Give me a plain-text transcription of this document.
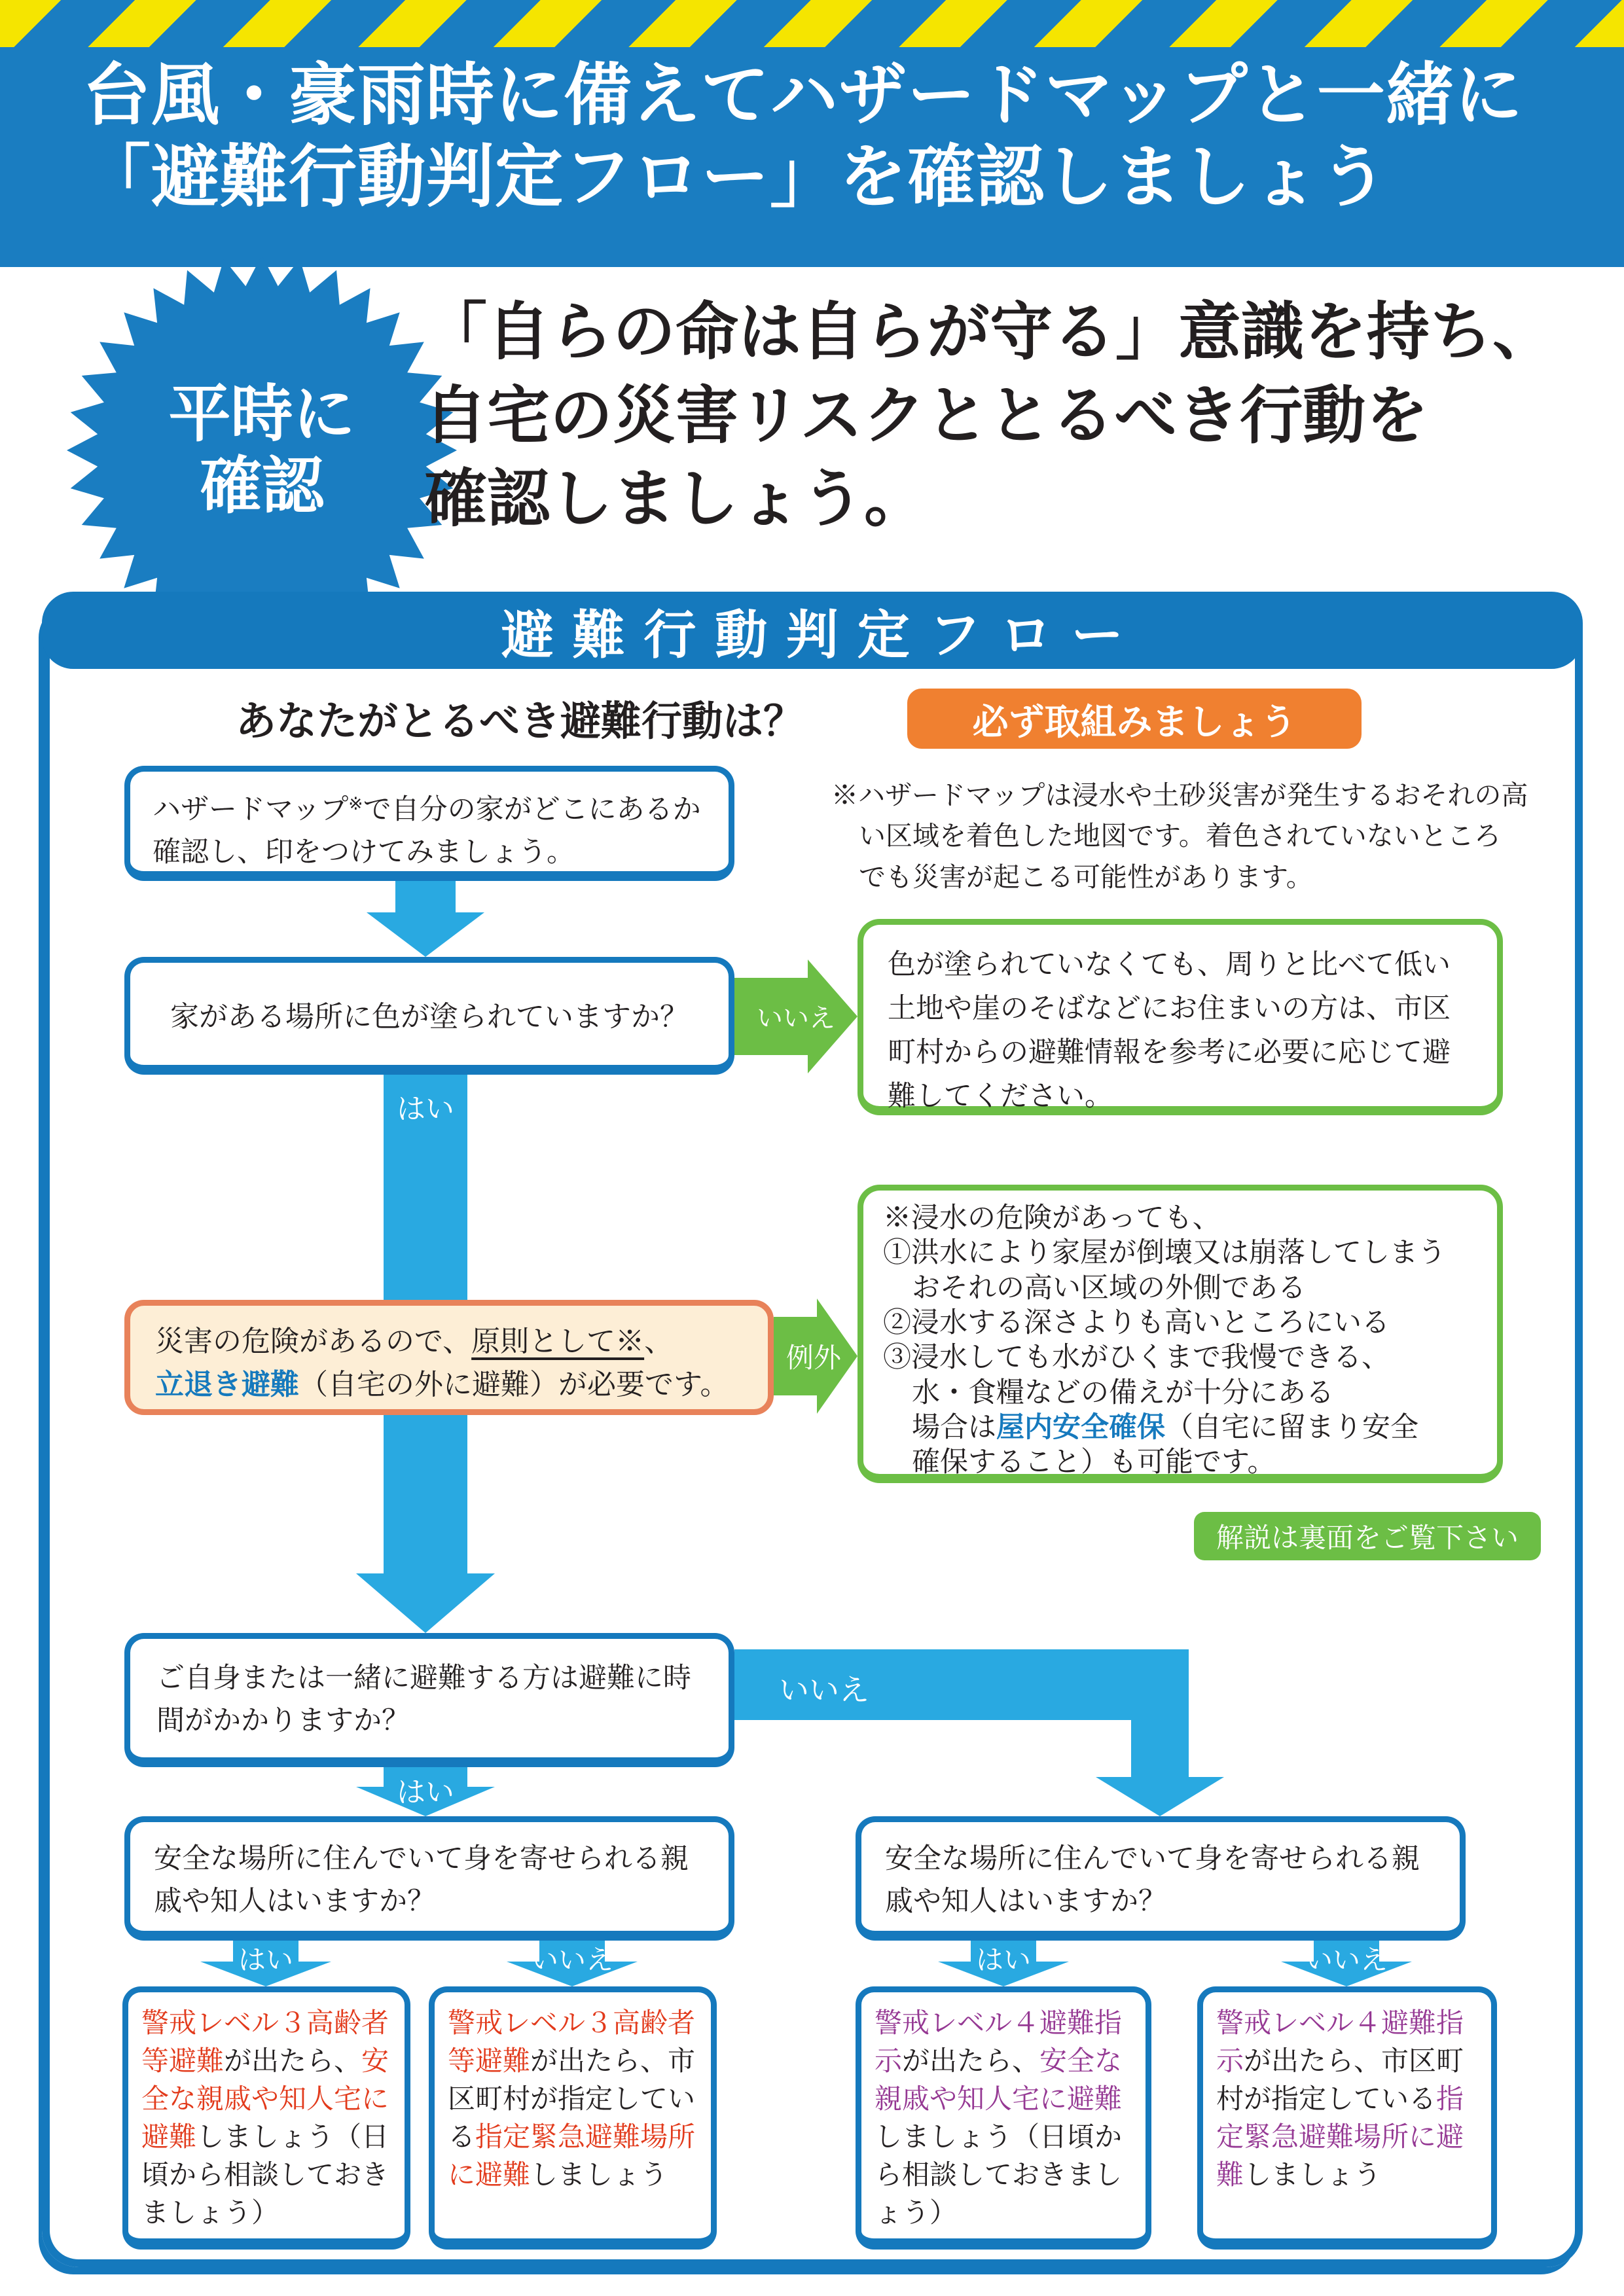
台風・豪雨時に備えてハザードマップと一緒に
「避難行動判定フロー」を確認しましょう
平時に
確認
「自らの命は自らが守る」意識を持ち、
自宅の災害リスクととるべき行動を
確認しましょう。
避難行動判定フロー
あなたがとるべき避難行動は？	必ず取組みましょう
ハザードマップ※で自分の家がどこにあるか確認し、印をつけてみましょう。
※ハザードマップは浸水や土砂災害が発生するおそれの高
い区域を着色した地図です。着色されていないところ
でも災害が起こる可能性があります。
家がある場所に色が塗られていますか？	いいえ
色が塗られていなくても、周りと比べて低い土地や崖のそばなどにお住まいの方は、市区町村からの避難情報を参考に必要に応じて避難してください。
はい
災害の危険があるので、原則として※、
立退き避難（自宅の外に避難）が必要です。
例外
※浸水の危険があっても、
①洪水により家屋が倒壊又は崩落してしまう
おそれの高い区域の外側である
②浸水する深さよりも高いところにいる
③浸水しても水がひくまで我慢できる、
水・食糧などの備えが十分にある
場合は屋内安全確保（自宅に留まり安全
確保すること）も可能です。
解説は裏面をご覧下さい
ご自身または一緒に避難する方は避難に時間がかかりますか？
いいえ
はい
安全な場所に住んでいて身を寄せられる親戚や知人はいますか？
安全な場所に住んでいて身を寄せられる親戚や知人はいますか？
はい	いいえ	はい	いいえ
警戒レベル３高齢者等避難が出たら、安全な親戚や知人宅に避難しましょう（日頃から相談しておきましょう）
警戒レベル３高齢者等避難が出たら、市区町村が指定している指定緊急避難場所に避難しましょう
警戒レベル４避難指示が出たら、安全な親戚や知人宅に避難しましょう（日頃から相談しておきましょう）
警戒レベル４避難指示が出たら、市区町村が指定している指定緊急避難場所に避難しましょう
